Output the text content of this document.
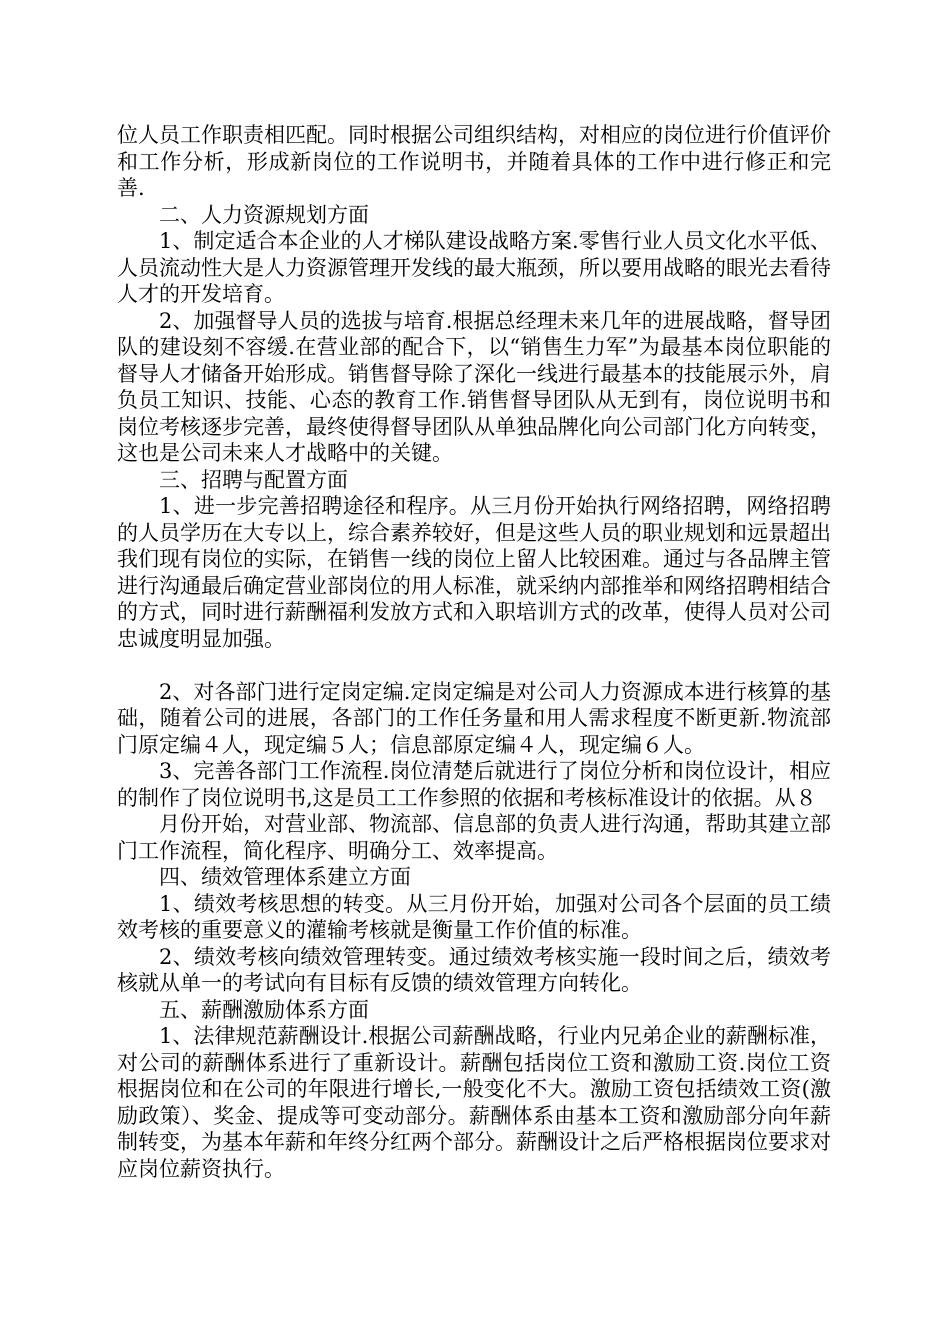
位人员工作职责相匹配。同时根据公司组织结构，对相应的岗位进行价值评价和工作分析，形成新岗位的工作说明书，并随着具体的工作中进行修正和完善.

二、人力资源规划方面

1、制定适合本企业的人才梯队建设战略方案.零售行业人员文化水平低、人员流动性大是人力资源管理开发线的最大瓶颈，所以要用战略的眼光去看待人才的开发培育。

2、加强督导人员的选拔与培育.根据总经理未来几年的进展战略，督导团队的建设刻不容缓.在营业部的配合下，以“销售生力军”为最基本岗位职能的督导人才储备开始形成。销售督导除了深化一线进行最基本的技能展示外，肩负员工知识、技能、心态的教育工作.销售督导团队从无到有，岗位说明书和岗位考核逐步完善，最终使得督导团队从单独品牌化向公司部门化方向转变，这也是公司未来人才战略中的关键。

三、招聘与配置方面

1、进一步完善招聘途径和程序。从三月份开始执行网络招聘，网络招聘的人员学历在大专以上，综合素养较好，但是这些人员的职业规划和远景超出我们现有岗位的实际，在销售一线的岗位上留人比较困难。通过与各品牌主管进行沟通最后确定营业部岗位的用人标准，就采纳内部推举和网络招聘相结合的方式，同时进行薪酬福利发放方式和入职培训方式的改革，使得人员对公司忠诚度明显加强。

2、对各部门进行定岗定编.定岗定编是对公司人力资源成本进行核算的基础，随着公司的进展，各部门的工作任务量和用人需求程度不断更新.物流部门原定编４人，现定编５人；信息部原定编４人，现定编６人。

3、完善各部门工作流程.岗位清楚后就进行了岗位分析和岗位设计，相应的制作了岗位说明书,这是员工工作参照的依据和考核标准设计的依据。从８

月份开始，对营业部、物流部、信息部的负责人进行沟通，帮助其建立部门工作流程，简化程序、明确分工、效率提高。

四、绩效管理体系建立方面

1、绩效考核思想的转变。从三月份开始，加强对公司各个层面的员工绩效考核的重要意义的灌输考核就是衡量工作价值的标准。

2、绩效考核向绩效管理转变。通过绩效考核实施一段时间之后，绩效考核就从单一的考试向有目标有反馈的绩效管理方向转化。

五、薪酬激励体系方面

1、法律规范薪酬设计.根据公司薪酬战略，行业内兄弟企业的薪酬标准，对公司的薪酬体系进行了重新设计。薪酬包括岗位工资和激励工资.岗位工资根据岗位和在公司的年限进行增长,一般变化不大。激励工资包括绩效工资(激励政策）、奖金、提成等可变动部分。薪酬体系由基本工资和激励部分向年薪制转变，为基本年薪和年终分红两个部分。薪酬设计之后严格根据岗位要求对应岗位薪资执行。
